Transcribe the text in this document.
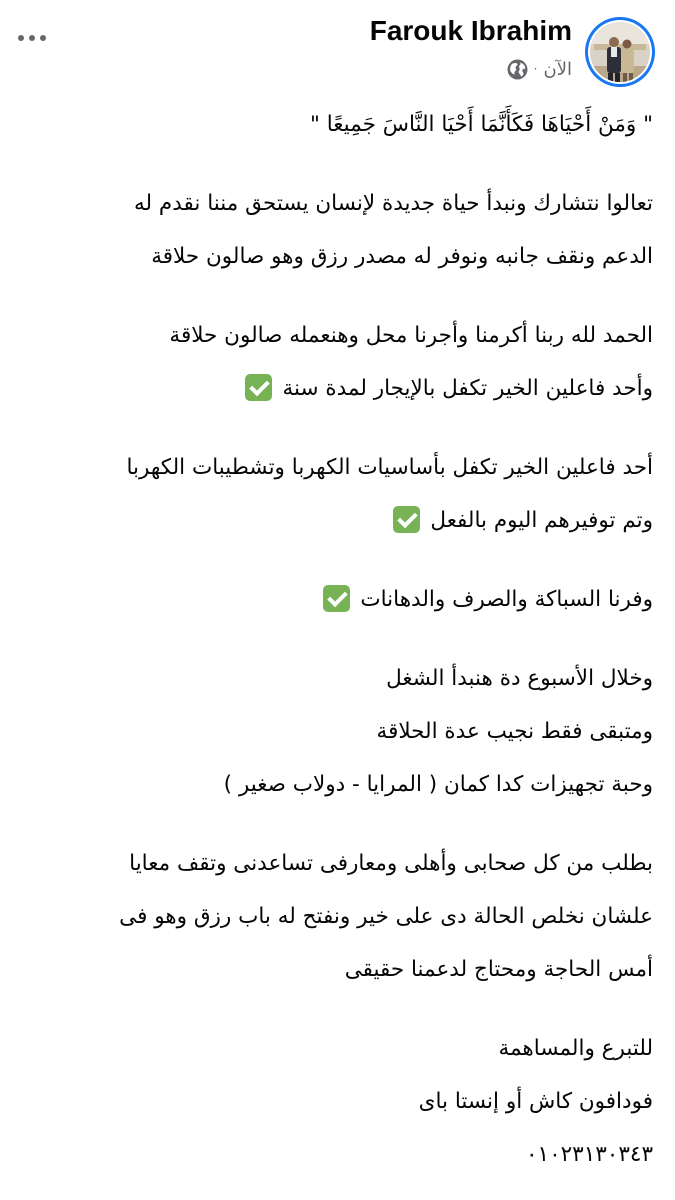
Farouk Ibrahim
الآن
·
" وَمَنْ أَحْيَاهَا فَكَأَنَّمَا أَحْيَا النَّاسَ جَمِيعًا "
تعالوا نتشارك ونبدأ حياة جديدة لإنسان يستحق مننا نقدم له
الدعم ونقف جانبه ونوفر له مصدر رزق وهو صالون حلاقة
الحمد لله ربنا أكرمنا وأجرنا محل وهنعمله صالون حلاقة
وأحد فاعلين الخير تكفل بالإيجار لمدة سنة
أحد فاعلين الخير تكفل بأساسيات الكهربا وتشطيبات الكهربا
وتم توفيرهم اليوم بالفعل
وفرنا السباكة والصرف والدهانات
وخلال الأسبوع دة هنبدأ الشغل
ومتبقى فقط نجيب عدة الحلاقة
وحبة تجهيزات كدا كمان ( المرايا - دولاب صغير )
بطلب من كل صحابى وأهلى ومعارفى تساعدنى وتقف معايا
علشان نخلص الحالة دى على خير ونفتح له باب رزق وهو فى
أمس الحاجة ومحتاج لدعمنا حقيقى
للتبرع والمساهمة
فودافون كاش أو إنستا باى
٠١٠٢٣١٣٠٣٤٣
